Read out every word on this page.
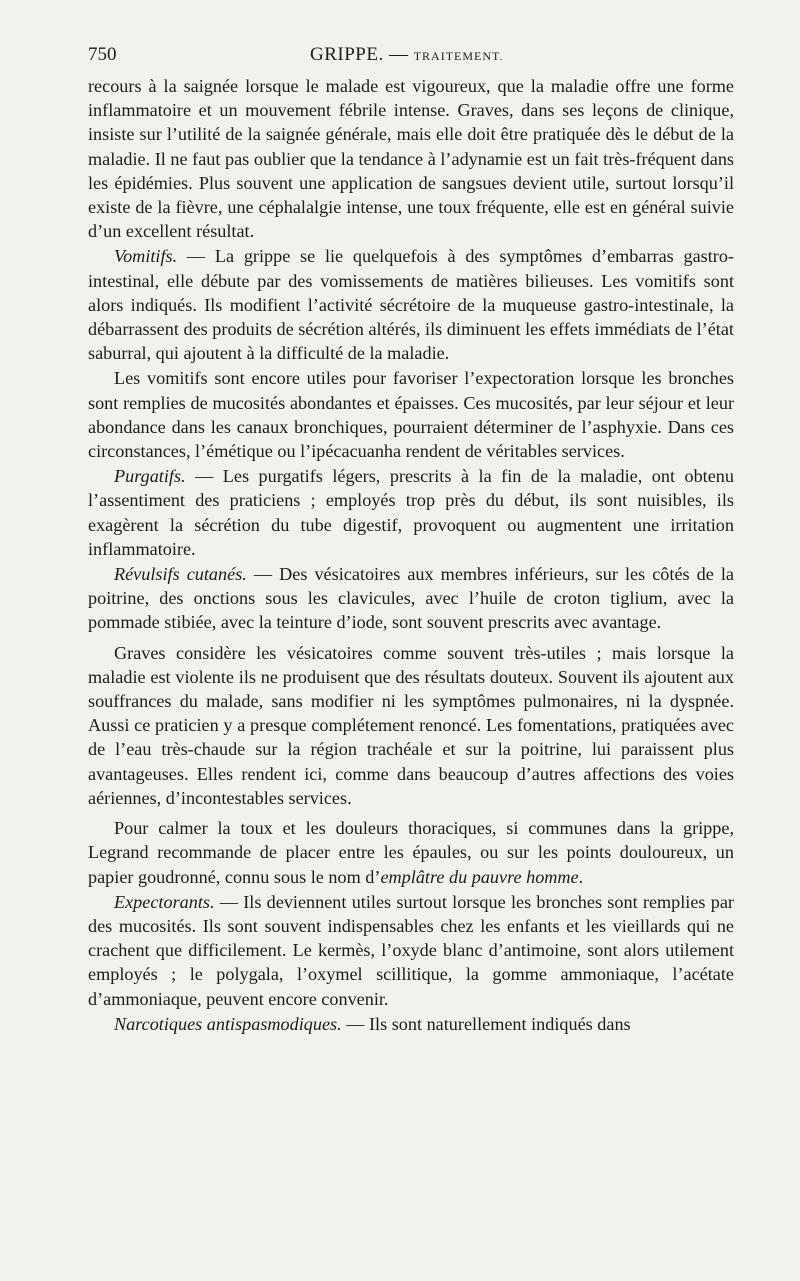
750	GRIPPE. — TRAITEMENT.

recours à la saignée lorsque le malade est vigoureux, que la maladie offre une forme inflammatoire et un mouvement fébrile intense. Graves, dans ses leçons de clinique, insiste sur l’utilité de la saignée générale, mais elle doit être pratiquée dès le début de la maladie. Il ne faut pas oublier que la tendance à l’adynamie est un fait très-fréquent dans les épidémies. Plus souvent une application de sangsues devient utile, surtout lorsqu’il existe de la fièvre, une céphalalgie intense, une toux fréquente, elle est en général suivie d’un excellent résultat.

Vomitifs. — La grippe se lie quelquefois à des symptômes d’embarras gastro-intestinal, elle débute par des vomissements de matières bilieuses. Les vomitifs sont alors indiqués. Ils modifient l’activité sécrétoire de la muqueuse gastro-intestinale, la débarrassent des produits de sécrétion altérés, ils diminuent les effets immédiats de l’état saburral, qui ajoutent à la difficulté de la maladie.

Les vomitifs sont encore utiles pour favoriser l’expectoration lorsque les bronches sont remplies de mucosités abondantes et épaisses. Ces mucosités, par leur séjour et leur abondance dans les canaux bronchiques, pourraient déterminer de l’asphyxie. Dans ces circonstances, l’émétique ou l’ipécacuanha rendent de véritables services.

Purgatifs. — Les purgatifs légers, prescrits à la fin de la maladie, ont obtenu l’assentiment des praticiens ; employés trop près du début, ils sont nuisibles, ils exagèrent la sécrétion du tube digestif, provoquent ou augmentent une irritation inflammatoire.

Révulsifs cutanés. — Des vésicatoires aux membres inférieurs, sur les côtés de la poitrine, des onctions sous les clavicules, avec l’huile de croton tiglium, avec la pommade stibiée, avec la teinture d’iode, sont souvent prescrits avec avantage.

Graves considère les vésicatoires comme souvent très-utiles ; mais lorsque la maladie est violente ils ne produisent que des résultats douteux. Souvent ils ajoutent aux souffrances du malade, sans modifier ni les symptômes pulmonaires, ni la dyspnée. Aussi ce praticien y a presque complétement renoncé. Les fomentations, pratiquées avec de l’eau très-chaude sur la région trachéale et sur la poitrine, lui paraissent plus avantageuses. Elles rendent ici, comme dans beaucoup d’autres affections des voies aériennes, d’incontestables services.

Pour calmer la toux et les douleurs thoraciques, si communes dans la grippe, Legrand recommande de placer entre les épaules, ou sur les points douloureux, un papier goudronné, connu sous le nom d’emplâtre du pauvre homme.

Expectorants. — Ils deviennent utiles surtout lorsque les bronches sont remplies par des mucosités. Ils sont souvent indispensables chez les enfants et les vieillards qui ne crachent que difficilement. Le kermès, l’oxyde blanc d’antimoine, sont alors utilement employés ; le polygala, l’oxymel scillitique, la gomme ammoniaque, l’acétate d’ammoniaque, peuvent encore convenir.

Narcotiques antispasmodiques. — Ils sont naturellement indiqués dans
